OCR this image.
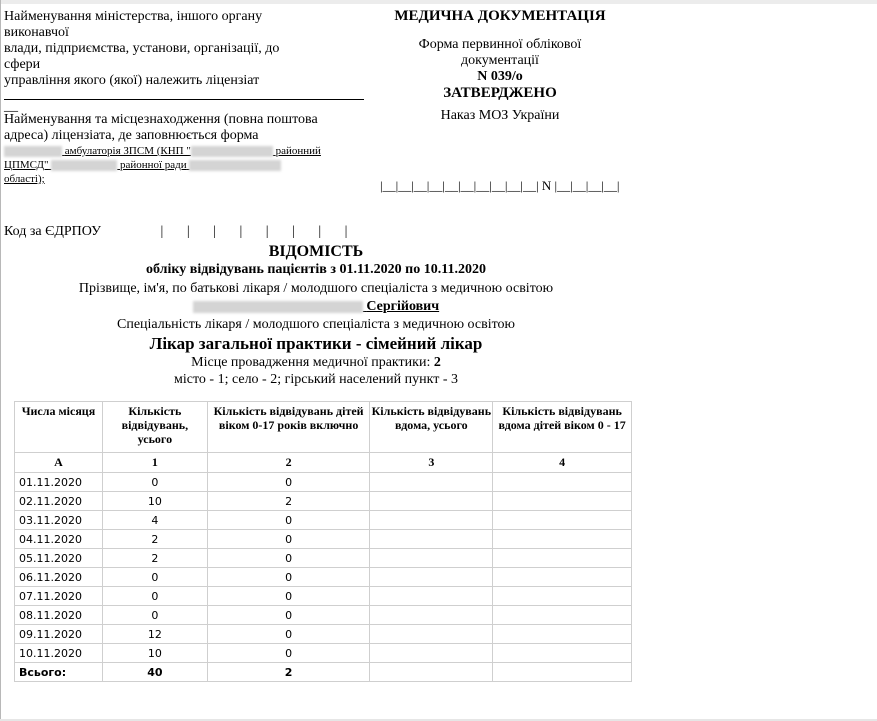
Найменування міністерства, іншого органу
виконавчої
влади, підприємства, установи, організації, до
сфери
управління якого (якої) належить ліцензіат
__
Найменування та місцезнаходження (повна поштова
адреса) ліцензіата, де заповнюється форма
амбулаторія ЗПСМ (КНП "	районний
ЦПМСД"	районної ради
області);
МЕДИЧНА ДОКУМЕНТАЦІЯ
Форма первинної облікової
документації
N 039/о
ЗАТВЕРДЖЕНО
Наказ МОЗ України
|__|__|__|__|__|__|__|__|__|__| N |__|__|__|__|
Код за ЄДРПОУ	| | | | | | | |
ВІДОМІСТЬ
обліку відвідувань пацієнтів з 01.11.2020 по 10.11.2020
Прізвище, ім'я, по батькові лікаря / молодшого спеціаліста з медичною освітою
Сергійович
Спеціальність лікаря / молодшого спеціаліста з медичною освітою
Лікар загальної практики - сімейний лікар
Місце провадження медичної практики: 2
місто - 1; село - 2; гірський населений пункт - 3
Числа місяця	Кількість відвідувань, усього	Кількість відвідувань дітей віком 0-17 років включно	Кількість відвідувань вдома, усього	Кількість відвідувань вдома дітей віком 0 - 17
А	1	2	3	4
01.11.2020	0	0		
02.11.2020	10	2		
03.11.2020	4	0		
04.11.2020	2	0		
05.11.2020	2	0		
06.11.2020	0	0		
07.11.2020	0	0		
08.11.2020	0	0		
09.11.2020	12	0		
10.11.2020	10	0		
Всього:	40	2		
